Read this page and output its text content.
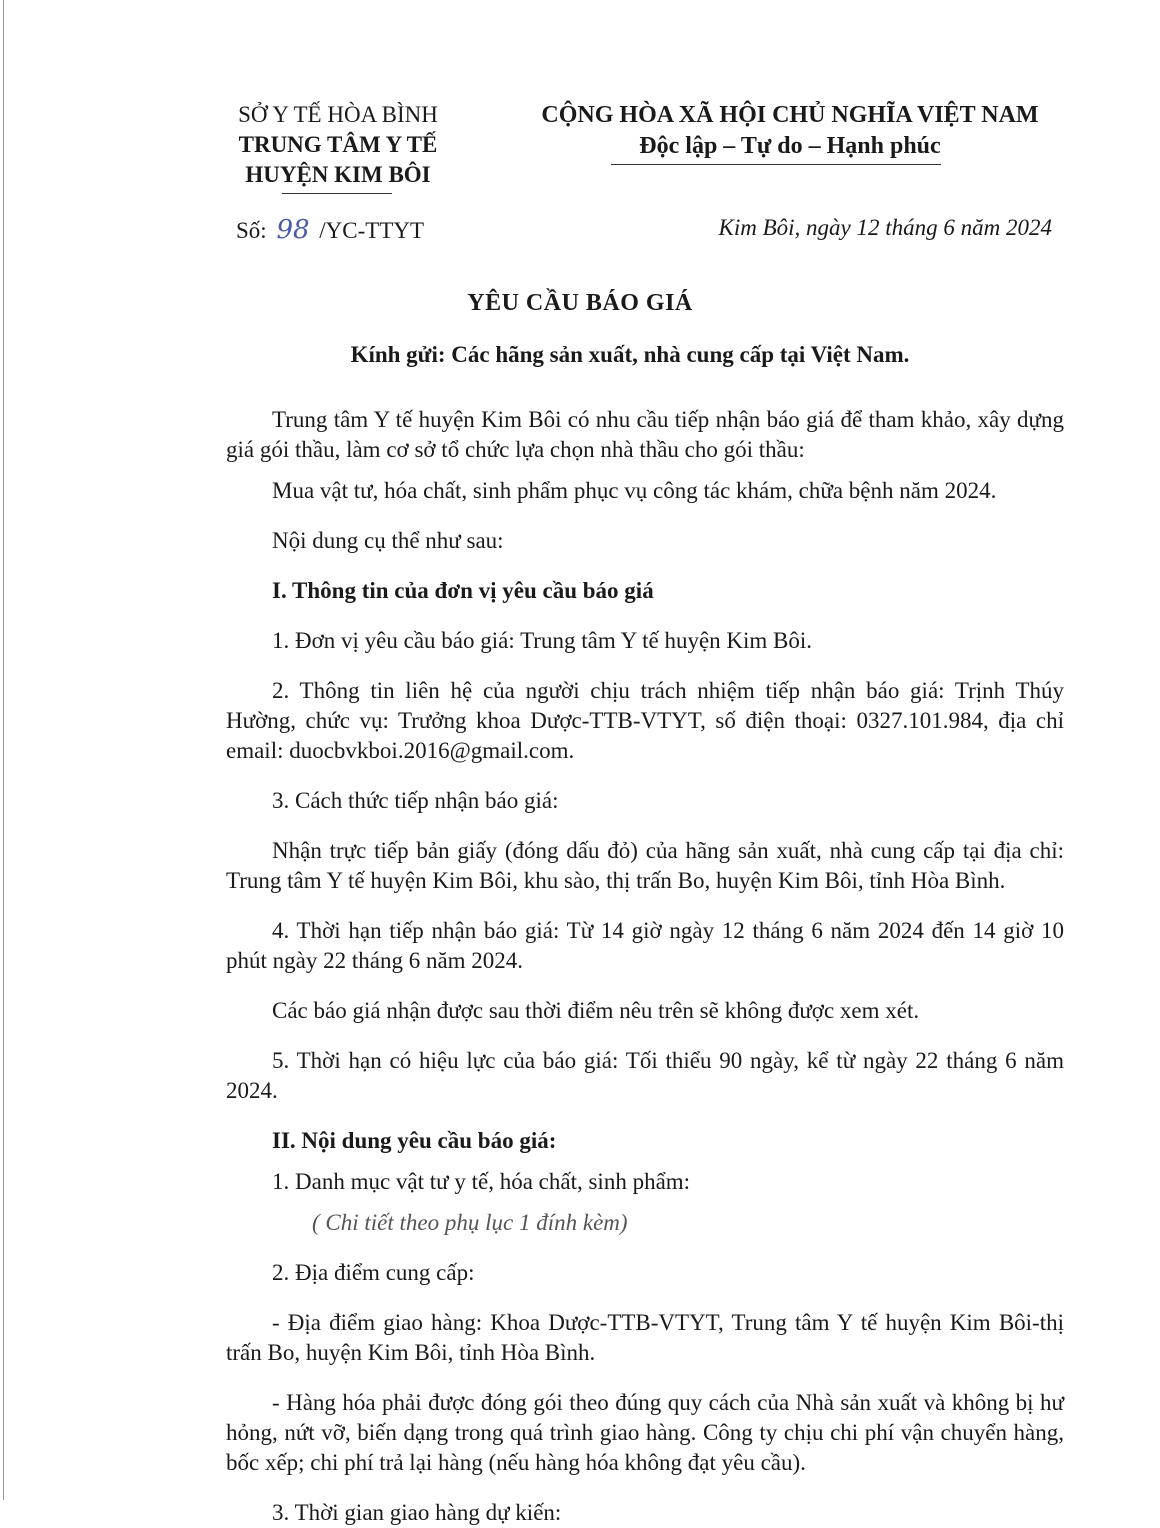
SỞ Y TẾ HÒA BÌNH
TRUNG TÂM Y TẾ
HUYỆN KIM BÔI
CỘNG HÒA XÃ HỘI CHỦ NGHĨA VIỆT NAM
Độc lập – Tự do – Hạnh phúc
Số: 98 /YC-TTYT	Kim Bôi, ngày 12 tháng 6 năm 2024
YÊU CẦU BÁO GIÁ
Kính gửi: Các hãng sản xuất, nhà cung cấp tại Việt Nam.

Trung tâm Y tế huyện Kim Bôi có nhu cầu tiếp nhận báo giá để tham khảo, xây dựng giá gói thầu, làm cơ sở tổ chức lựa chọn nhà thầu cho gói thầu:

Mua vật tư, hóa chất, sinh phẩm phục vụ công tác khám, chữa bệnh năm 2024.

Nội dung cụ thể như sau:

I. Thông tin của đơn vị yêu cầu báo giá

1. Đơn vị yêu cầu báo giá: Trung tâm Y tế huyện Kim Bôi.

2. Thông tin liên hệ của người chịu trách nhiệm tiếp nhận báo giá: Trịnh Thúy Hường, chức vụ: Trưởng khoa Dược-TTB-VTYT, số điện thoại: 0327.101.984, địa chỉ email: duocbvkboi.2016@gmail.com.

3. Cách thức tiếp nhận báo giá:

Nhận trực tiếp bản giấy (đóng dấu đỏ) của hãng sản xuất, nhà cung cấp tại địa chỉ: Trung tâm Y tế huyện Kim Bôi, khu sào, thị trấn Bo, huyện Kim Bôi, tỉnh Hòa Bình.

4. Thời hạn tiếp nhận báo giá: Từ 14 giờ ngày 12 tháng 6 năm 2024 đến 14 giờ 10 phút ngày 22 tháng 6 năm 2024.

Các báo giá nhận được sau thời điểm nêu trên sẽ không được xem xét.

5. Thời hạn có hiệu lực của báo giá: Tối thiểu 90 ngày, kể từ ngày 22 tháng 6 năm 2024.

II. Nội dung yêu cầu báo giá:

1. Danh mục vật tư y tế, hóa chất, sinh phẩm:

( Chi tiết theo phụ lục 1 đính kèm)

2. Địa điểm cung cấp:

- Địa điểm giao hàng: Khoa Dược-TTB-VTYT, Trung tâm Y tế huyện Kim Bôi-thị trấn Bo, huyện Kim Bôi, tỉnh Hòa Bình.

- Hàng hóa phải được đóng gói theo đúng quy cách của Nhà sản xuất và không bị hư hỏng, nứt vỡ, biến dạng trong quá trình giao hàng. Công ty chịu chi phí vận chuyển hàng, bốc xếp; chi phí trả lại hàng (nếu hàng hóa không đạt yêu cầu).

3. Thời gian giao hàng dự kiến:
